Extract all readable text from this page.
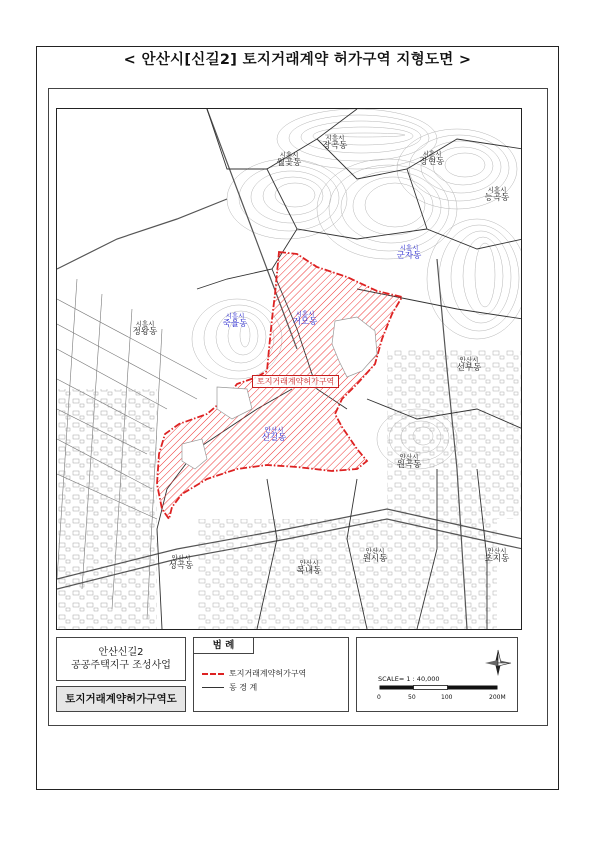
< 안산시[신길2] 토지거래계약 허가구역 지형도면 >
시흥시
장곡동
시흥시
월곶동
시흥시
장현동
시흥시
능곡동
시흥시
군자동
시흥시
정왕동
시흥시
죽율동
시흥시
거모동
안산시
선부동
안산시
신길동
안산시
원곡동
안산시
성곡동	안산시
목내동
안산시
원시동
안산시
초지동
토지거래계약허가구역
안산신길2
공공주택지구 조성사업
토지거래계약허가구역도
범 례
토지거래계약허가구역
동 경 계
SCALE= 1 : 40,000
0	50	100	200M
